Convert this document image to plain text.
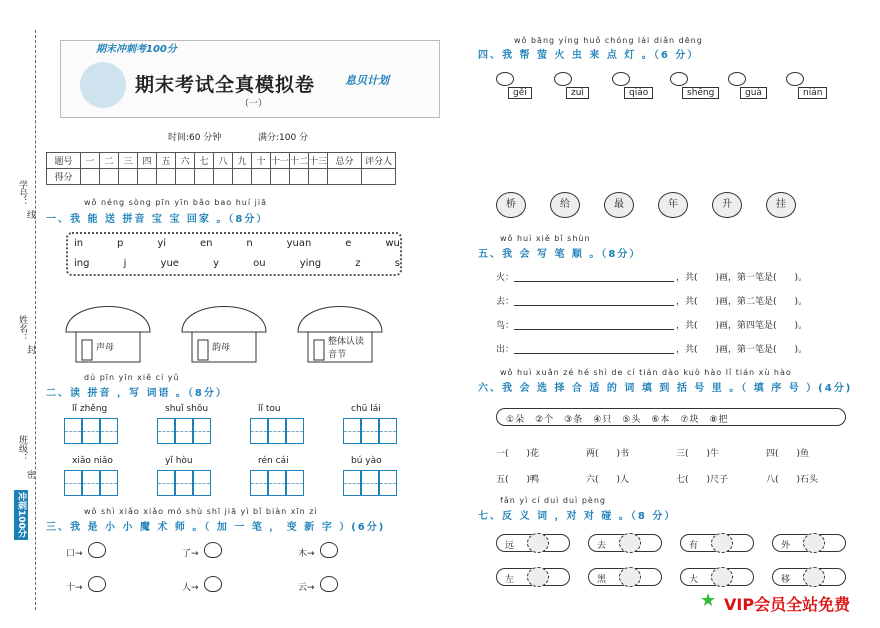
学号：
线
姓名：
封
班级：
密
冲刺100分
期末冲刺考100分
期末考试全真模拟卷
（一）
息贝计划
时间:60 分钟	满分:100 分
题号	一	二	三	四	五	六	七	八	九	十	十一	十二	十三	总分	评分人
得分															
wǒ néng sòng pīn yīn bǎo bao huí jiā
一、我 能 送 拼音 宝 宝 回家 。（8分）
in	p	yi	en	n	yuan	e	wu
ing	j	yue	y	ou	ying	z	s
声母	韵母
整体认读音节
dú pīn yīn xiě cí yǔ
二、读 拼音 ，写 词语 。（8分）
lǐ zhěng	shuǐ shǒu	lǐ tou	chū lái
xiǎo niǎo	yǐ hòu	rén cái	bú yào
wǒ shì xiǎo xiǎo mó shù shī jiā yì bǐ biàn xīn zì
三、我 是 小 小 魔 术 师 。（ 加 一 笔 ， 变 新 字 ）(6分)
口→	了→	木→
十→	人→	云→
wǒ bāng yíng huǒ chóng lái diǎn dēng
四、我 帮 萤 火 虫 来 点 灯 。（6 分）
gěi	zuì	qiáo	shēng	guà	nián
桥	给	最	年	升	挂
wǒ huì xiě bǐ shùn
五、我 会 写 笔 顺 。（8分）
火：	，共(　　)画，第一笔是(　　)。
去：	，共(　　)画，第二笔是(　　)。
鸟：	，共(　　)画，第四笔是(　　)。
出：	，共(　　)画，第一笔是(　　)。
wǒ huì xuǎn zé hé shì de cí tián dào kuò hào lǐ tián xù hào
六、我 会 选 择 合 适 的 词 填 到 括 号 里 。（ 填 序 号 ）(4分)
①朵　②个　③条　④只　⑤头　⑥本　⑦块　⑧把
一(　　)花	两(　　)书	三(　　)牛	四(　　)鱼
五(　　)鸭	六(　　)人	七(　　)尺子	八(　　)石头
fǎn yì cí duì duì pèng
七、反 义 词 ，对 对 碰 。（8 分）
远	去	有	外
左	黑	大	移
★ VIP会员全站免费
